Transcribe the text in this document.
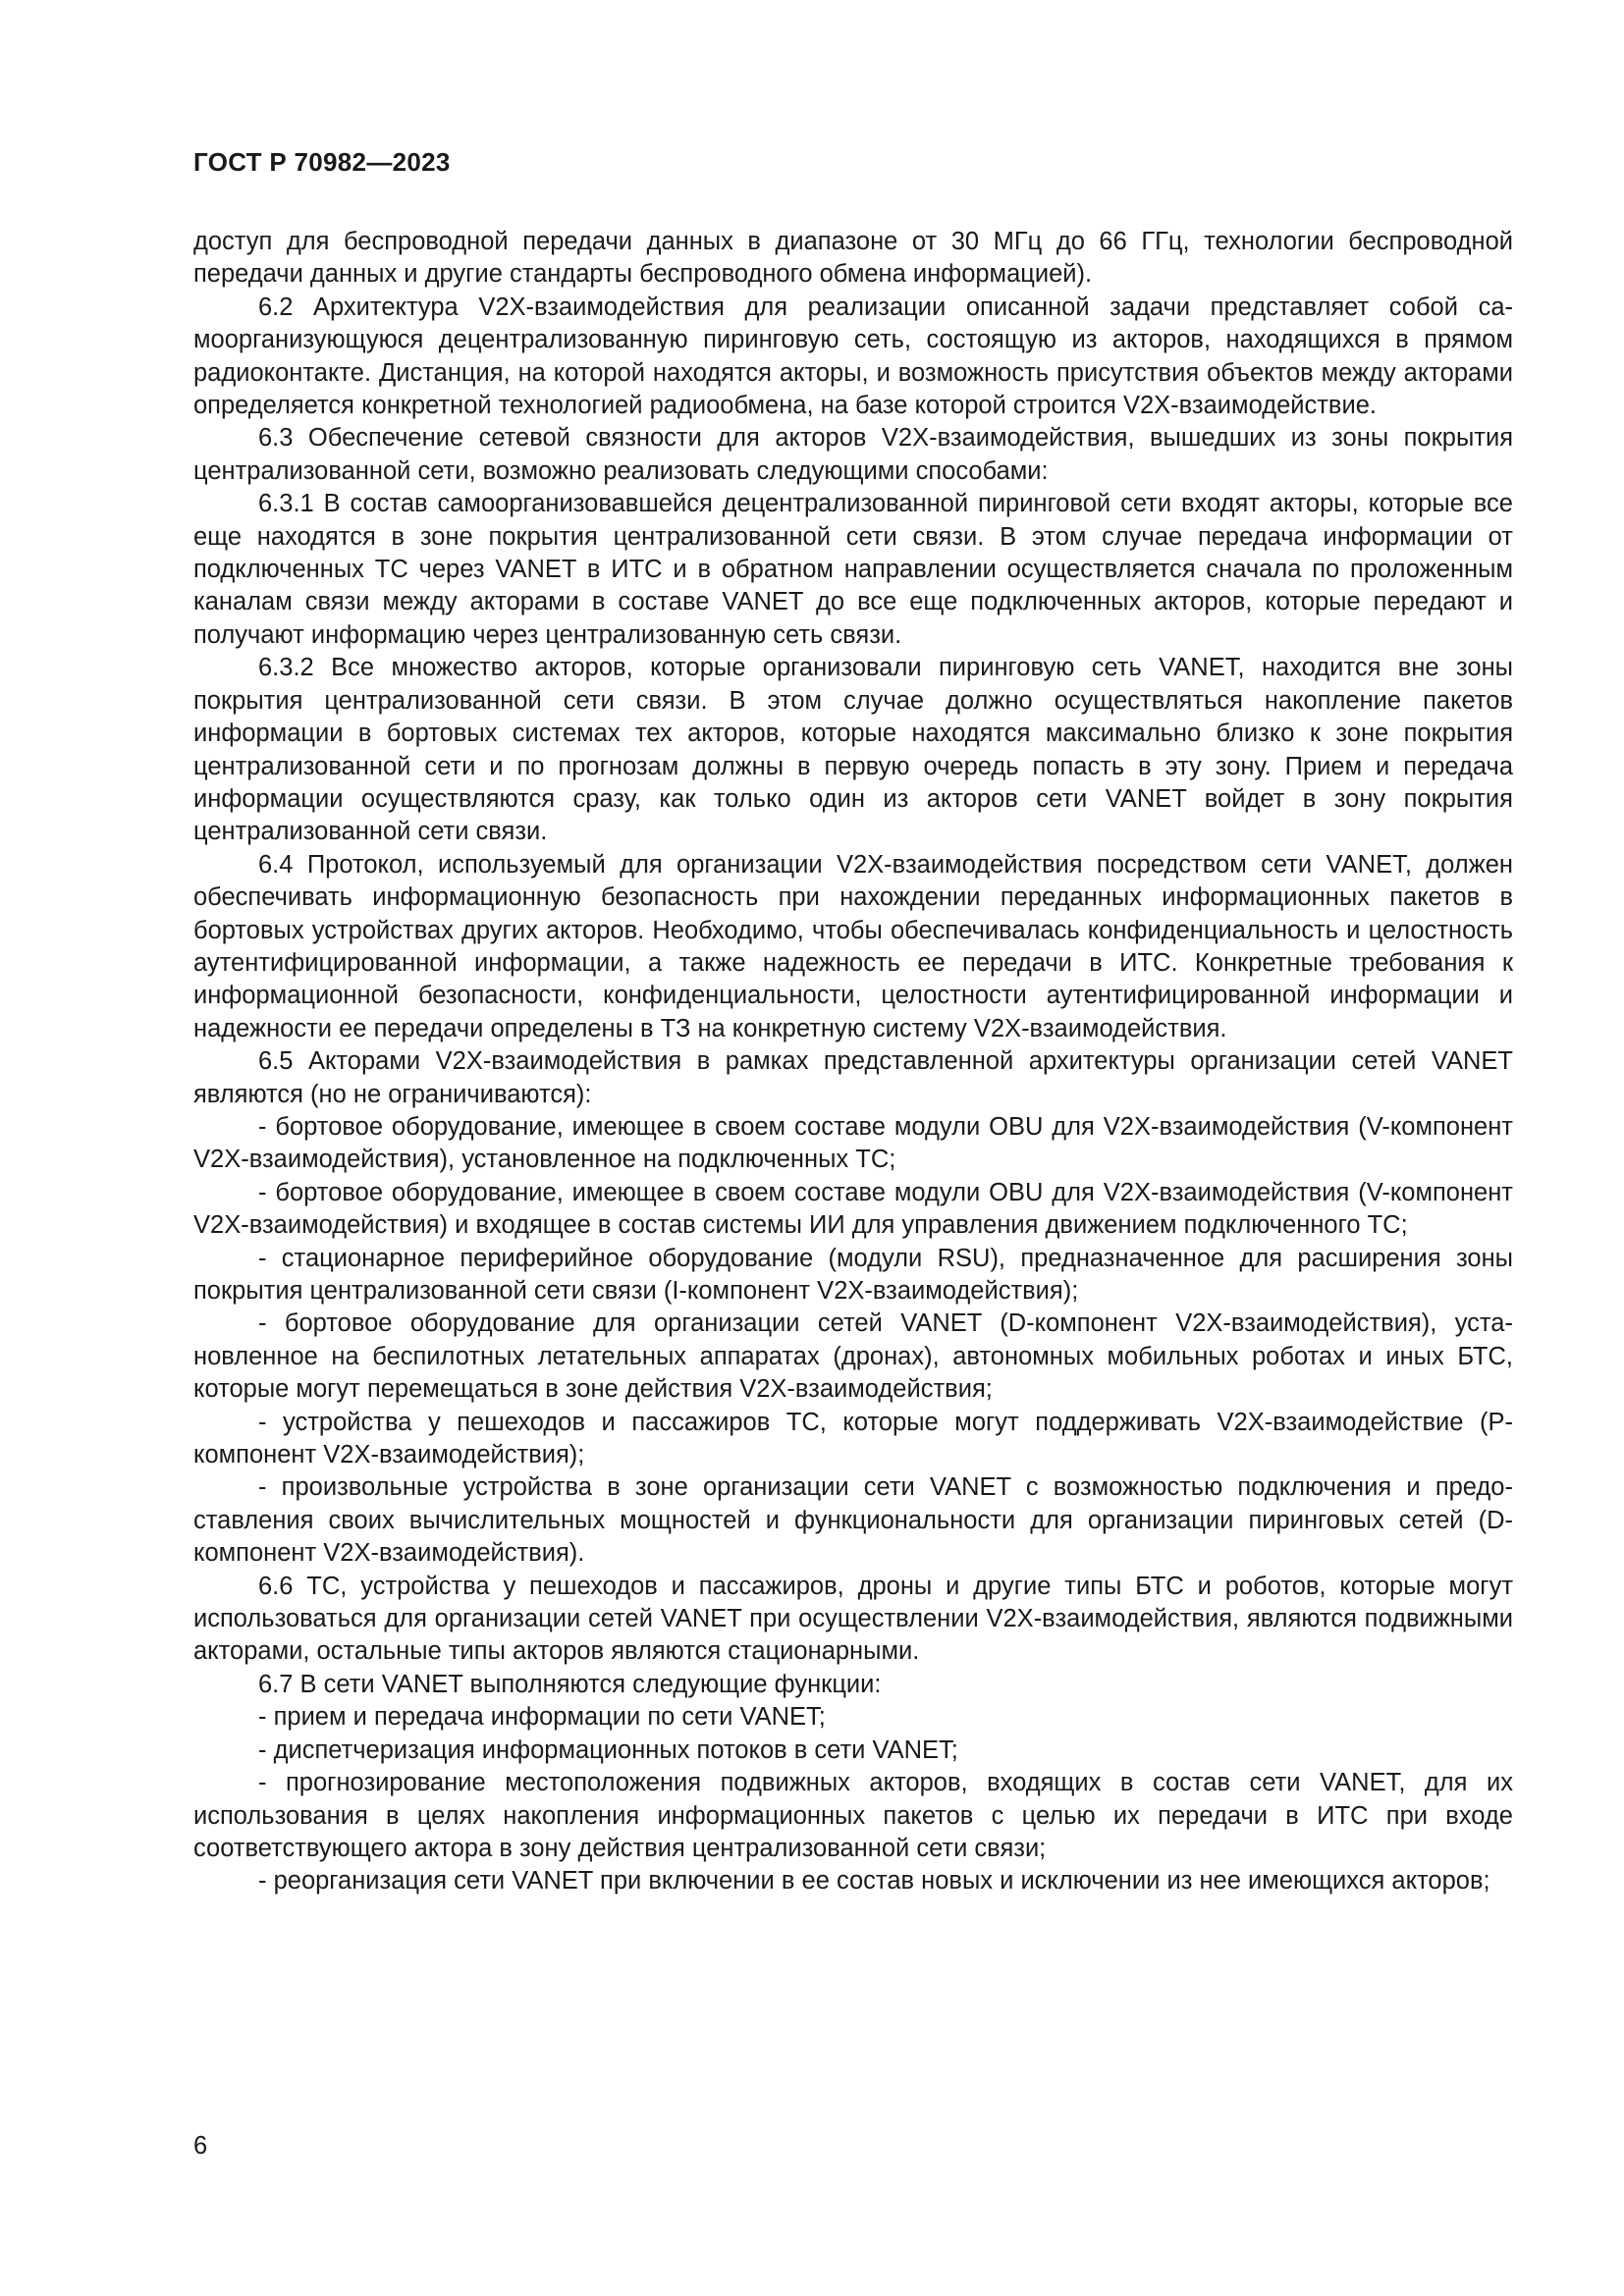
ГОСТ Р 70982—2023

доступ для беспроводной передачи данных в диапазоне от 30 МГц до 66 ГГц, технологии беспроводной передачи данных и другие стандарты беспроводного обмена информацией).

6.2 Архитектура V2X-взаимодействия для реализации описанной задачи представляет собой самоорганизующуюся децентрализованную пиринговую сеть, состоящую из акторов, находящихся в прямом радиоконтакте. Дистанция, на которой находятся акторы, и возможность присутствия объектов между акторами определяется конкретной технологией радиообмена, на базе которой строится V2X-взаимодействие.

6.3 Обеспечение сетевой связности для акторов V2X-взаимодействия, вышедших из зоны покрытия централизованной сети, возможно реализовать следующими способами:

6.3.1 В состав самоорганизовавшейся децентрализованной пиринговой сети входят акторы, которые все еще находятся в зоне покрытия централизованной сети связи. В этом случае передача информации от подключенных ТС через VANET в ИТС и в обратном направлении осуществляется сначала по проложенным каналам связи между акторами в составе VANET до все еще подключенных акторов, которые передают и получают информацию через централизованную сеть связи.

6.3.2 Все множество акторов, которые организовали пиринговую сеть VANET, находится вне зоны покрытия централизованной сети связи. В этом случае должно осуществляться накопление пакетов информации в бортовых системах тех акторов, которые находятся максимально близко к зоне покрытия централизованной сети и по прогнозам должны в первую очередь попасть в эту зону. Прием и передача информации осуществляются сразу, как только один из акторов сети VANET войдет в зону покрытия централизованной сети связи.

6.4 Протокол, используемый для организации V2X-взаимодействия посредством сети VANET, должен обеспечивать информационную безопасность при нахождении переданных информационных пакетов в бортовых устройствах других акторов. Необходимо, чтобы обеспечивалась конфиденциальность и целостность аутентифицированной информации, а также надежность ее передачи в ИТС. Конкретные требования к информационной безопасности, конфиденциальности, целостности аутентифицированной информации и надежности ее передачи определены в ТЗ на конкретную систему V2X-взаимодействия.

6.5 Акторами V2X-взаимодействия в рамках представленной архитектуры организации сетей VANET являются (но не ограничиваются):

- бортовое оборудование, имеющее в своем составе модули OBU для V2X-взаимодействия (V-компонент V2X-взаимодействия), установленное на подключенных ТС;

- бортовое оборудование, имеющее в своем составе модули OBU для V2X-взаимодействия (V-компонент V2X-взаимодействия) и входящее в состав системы ИИ для управления движением подключенного ТС;

- стационарное периферийное оборудование (модули RSU), предназначенное для расширения зоны покрытия централизованной сети связи (I-компонент V2X-взаимодействия);

- бортовое оборудование для организации сетей VANET (D-компонент V2X-взаимодействия), установленное на беспилотных летательных аппаратах (дронах), автономных мобильных роботах и иных БТС, которые могут перемещаться в зоне действия V2X-взаимодействия;

- устройства у пешеходов и пассажиров ТС, которые могут поддерживать V2X-взаимодействие (Р-компонент V2X-взаимодействия);

- произвольные устройства в зоне организации сети VANET с возможностью подключения и предоставления своих вычислительных мощностей и функциональности для организации пиринговых сетей (D-компонент V2X-взаимодействия).

6.6 ТС, устройства у пешеходов и пассажиров, дроны и другие типы БТС и роботов, которые могут использоваться для организации сетей VANET при осуществлении V2X-взаимодействия, являются подвижными акторами, остальные типы акторов являются стационарными.

6.7 В сети VANET выполняются следующие функции:

- прием и передача информации по сети VANET;

- диспетчеризация информационных потоков в сети VANET;

- прогнозирование местоположения подвижных акторов, входящих в состав сети VANET, для их использования в целях накопления информационных пакетов с целью их передачи в ИТС при входе соответствующего актора в зону действия централизованной сети связи;

- реорганизация сети VANET при включении в ее состав новых и исключении из нее имеющихся акторов;

6
